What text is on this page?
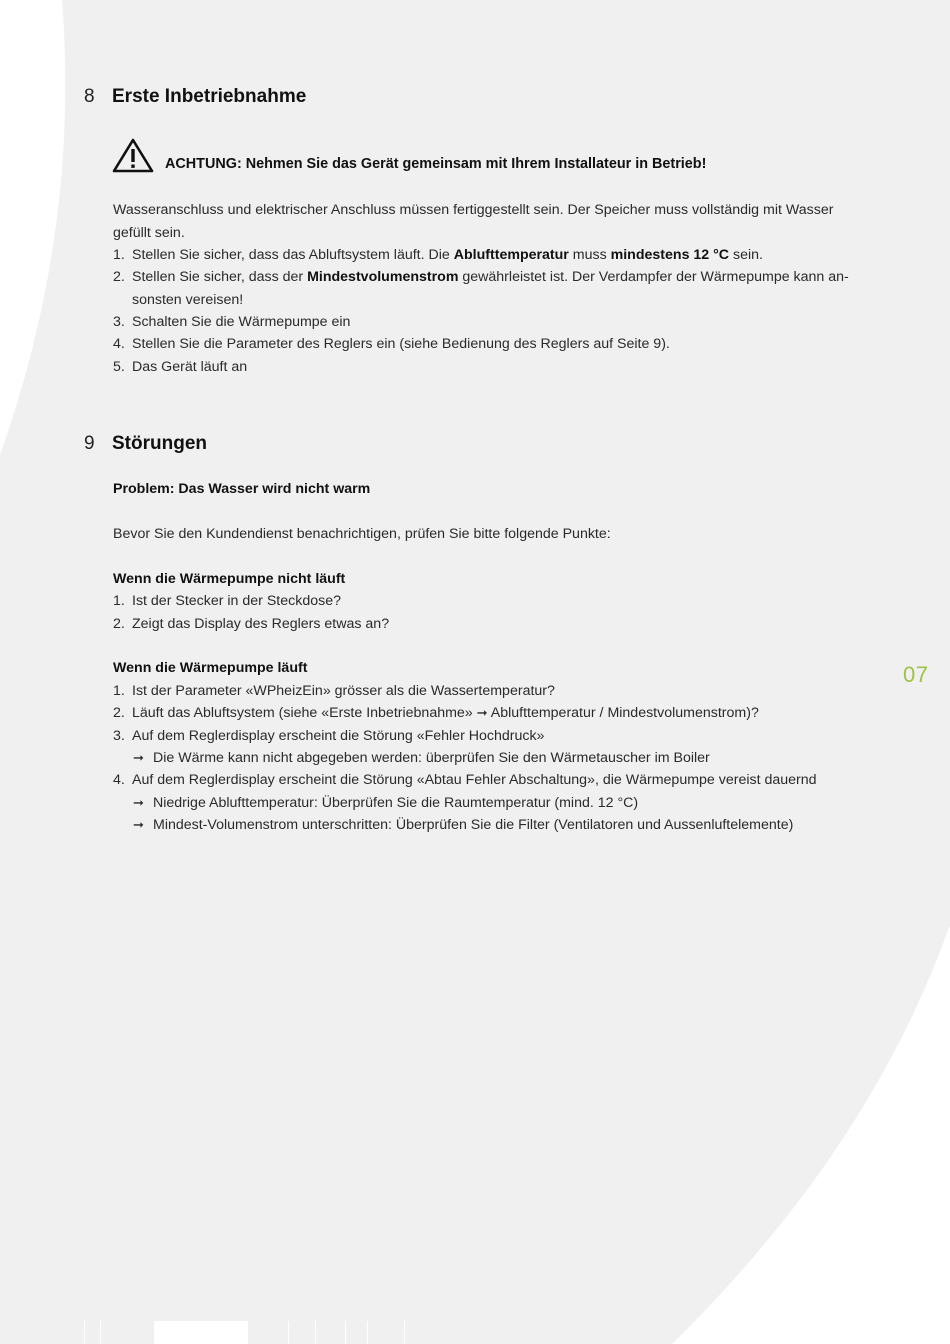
8 Erste Inbetriebnahme
ACHTUNG: Nehmen Sie das Gerät gemeinsam mit Ihrem Installateur in Betrieb!
Wasseranschluss und elektrischer Anschluss müssen fertiggestellt sein. Der Speicher muss vollständig mit Wasser
gefüllt sein.
1. Stellen Sie sicher, dass das Abluftsystem läuft. Die Ablufttemperatur muss mindestens 12 °C sein.
2. Stellen Sie sicher, dass der Mindestvolumenstrom gewährleistet ist. Der Verdampfer der Wärmepumpe kann an-
sonsten vereisen!
3. Schalten Sie die Wärmepumpe ein
4. Stellen Sie die Parameter des Reglers ein (siehe Bedienung des Reglers auf Seite 9).
5. Das Gerät läuft an
9 Störungen
Problem: Das Wasser wird nicht warm
Bevor Sie den Kundendienst benachrichtigen, prüfen Sie bitte folgende Punkte:
Wenn die Wärmepumpe nicht läuft
1. Ist der Stecker in der Steckdose?
2. Zeigt das Display des Reglers etwas an?
Wenn die Wärmepumpe läuft
1. Ist der Parameter «WPheizEin» grösser als die Wassertemperatur?
2. Läuft das Abluftsystem (siehe «Erste Inbetriebnahme» ➞ Ablufttemperatur / Mindestvolumenstrom)?
3. Auf dem Reglerdisplay erscheint die Störung «Fehler Hochdruck»
➞ Die Wärme kann nicht abgegeben werden: überprüfen Sie den Wärmetauscher im Boiler
4. Auf dem Reglerdisplay erscheint die Störung «Abtau Fehler Abschaltung», die Wärmepumpe vereist dauernd
➞ Niedrige Ablufttemperatur: Überprüfen Sie die Raumtemperatur (mind. 12 °C)
➞ Mindest-Volumenstrom unterschritten: Überprüfen Sie die Filter (Ventilatoren und Aussenluftelemente)
07
